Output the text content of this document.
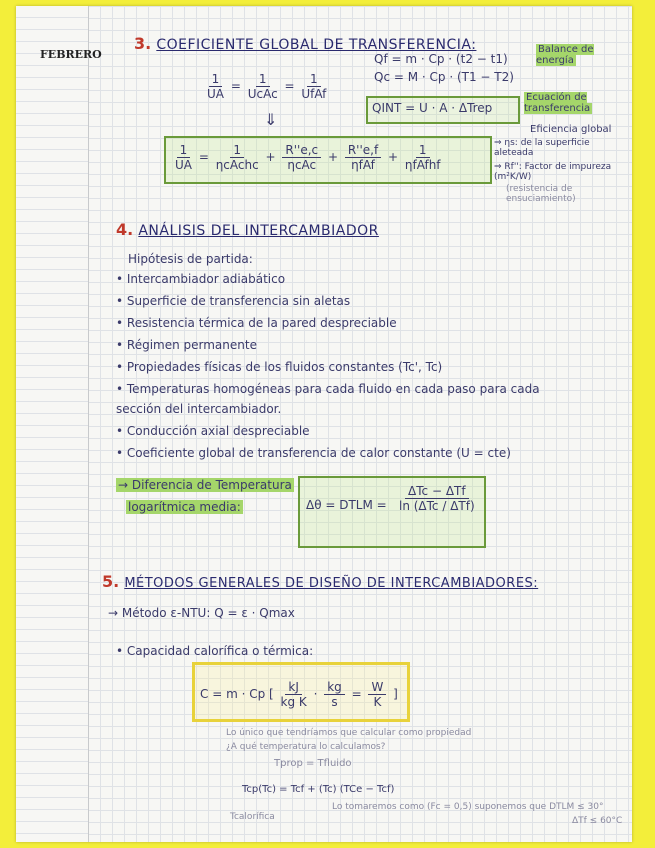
FEBRERO
3. COEFICIENTE GLOBAL DE TRANSFERENCIA:
Qf = m · Cp · (t2 − t1)
Qc = M · Cp · (T1 − T2)
Balance de energía
$\frac{1}{UA} = \frac{1}{\text{UcAc}} = \frac{1}{\text{UfAf}}$
QINT = U · A · ΔTrep
Ecuación de transferencia
⇓
$\frac{1}{UA} = \frac{1}{\text{ηcAchc}} + \frac{R''e,c}{\text{ηcAc}} + \frac{R''e,f}{\text{ηfAf}} + \frac{1}{\text{ηfAfhf}}$
Eficiencia global
⇒ ηs: de la superficie aleteada
⇒ Rf'': Factor de impureza (m²K/W)
(resistencia de ensuciamiento)
4. ANÁLISIS DEL INTERCAMBIADOR
Hipótesis de partida:
• Intercambiador adiabático
• Superficie de transferencia sin aletas
• Resistencia térmica de la pared despreciable
• Régimen permanente
• Propiedades físicas de los fluidos constantes (Tc', Tc)
• Temperaturas homogéneas para cada fluido en cada paso para cada
sección del intercambiador.
• Conducción axial despreciable
• Coeficiente global de transferencia de calor constante (U = cte)
→ Diferencia de Temperatura
logarítmica media:	Δθ = DTLM = $\frac{\text{ΔTc − ΔTf}}{\text{ln (ΔTc / ΔTf)}}$
5. MÉTODOS GENERALES DE DISEÑO DE INTERCAMBIADORES:
→ Método ε-NTU: Q = ε · Qmax
• Capacidad calorífica o térmica:
C = m · Cp [ $\frac{kJ}{\text{kg K}} \cdot \frac{kg}{s} = \frac{W}{K}$ ]
Lo único que tendríamos que calcular como propiedad
¿A qué temperatura lo calculamos?
Tprop = Tfluido
Tcp(Tc) = Tcf + (Tc) (TCe − Tcf)
Tcalorífica
Lo tomaremos como (Fc = 0,5) suponemos que DTLM ≤ 30°
ΔTf ≤ 60°C
